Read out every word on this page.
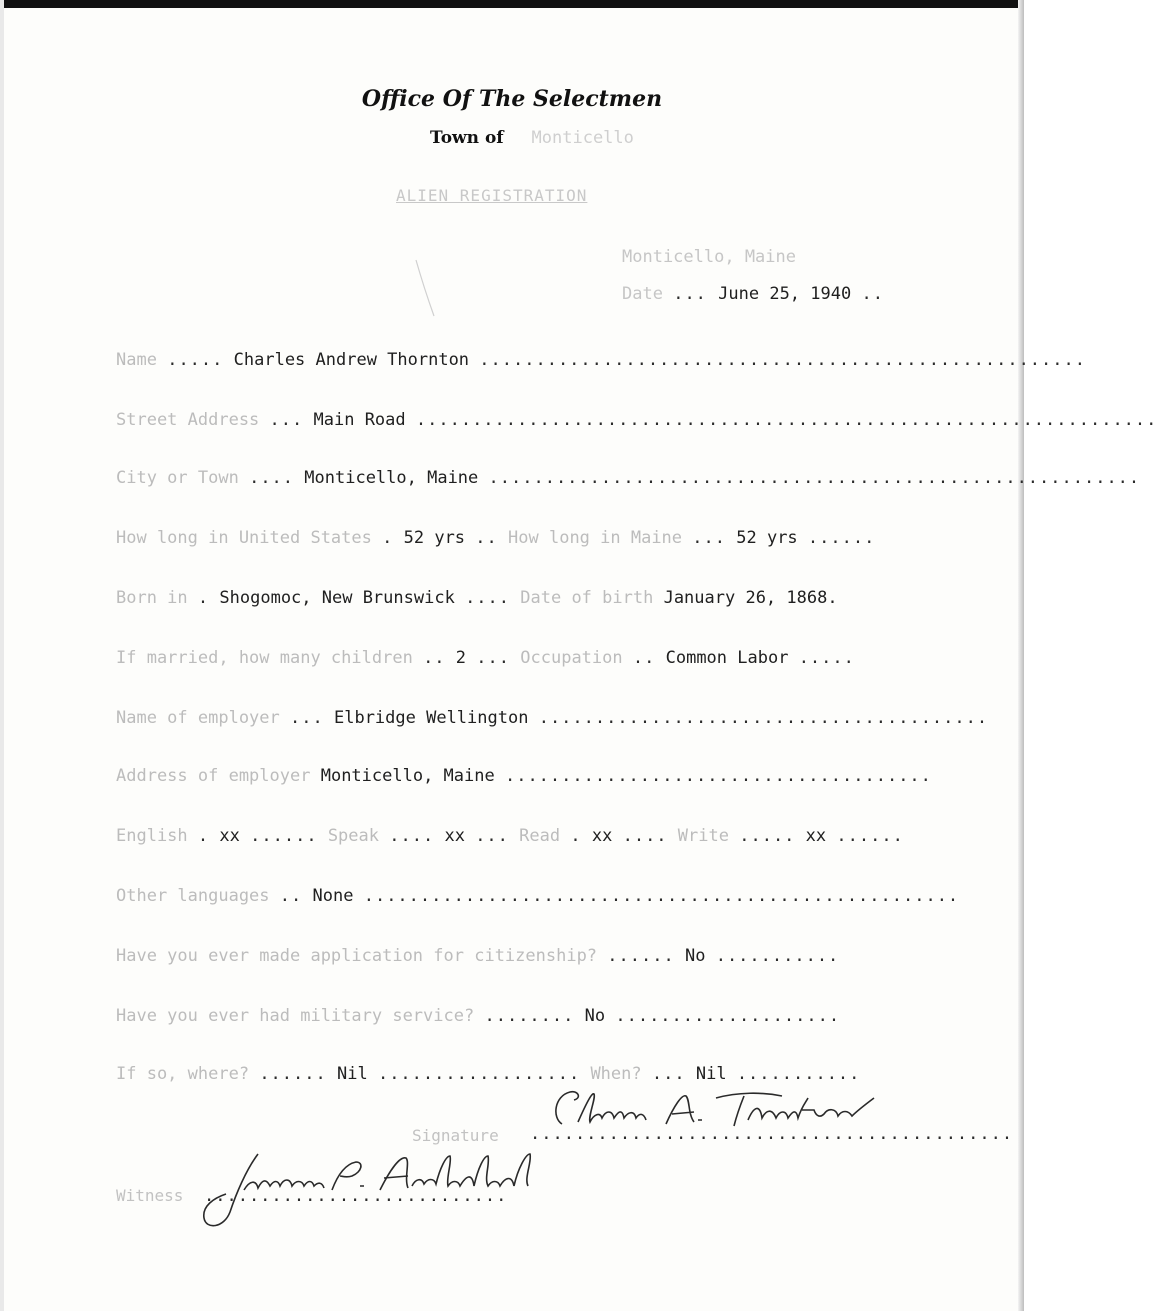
Office Of The Selectmen
Town of Monticello
ALIEN REGISTRATION
Monticello, Maine
Date ... June 25, 1940 ..
Name ..... Charles Andrew Thornton ......................................................
Street Address ... Main Road ..................................................................
City or Town .... Monticello, Maine ..........................................................
How long in United States . 52 yrs .. How long in Maine ... 52 yrs ......
Born in . Shogomoc, New Brunswick .... Date of birth January 26, 1868.
If married, how many children .. 2 ... Occupation .. Common Labor .....
Name of employer ... Elbridge Wellington ........................................
Address of employer Monticello, Maine ......................................
English . xx ...... Speak .... xx ... Read . xx .... Write ..... xx ......
Other languages .. None .....................................................
Have you ever made application for citizenship? ...... No ...........
Have you ever had military service? ........ No ....................
If so, where? ...... Nil .................. When? ... Nil ...........
Signature ...........................................
Witness ...........................
